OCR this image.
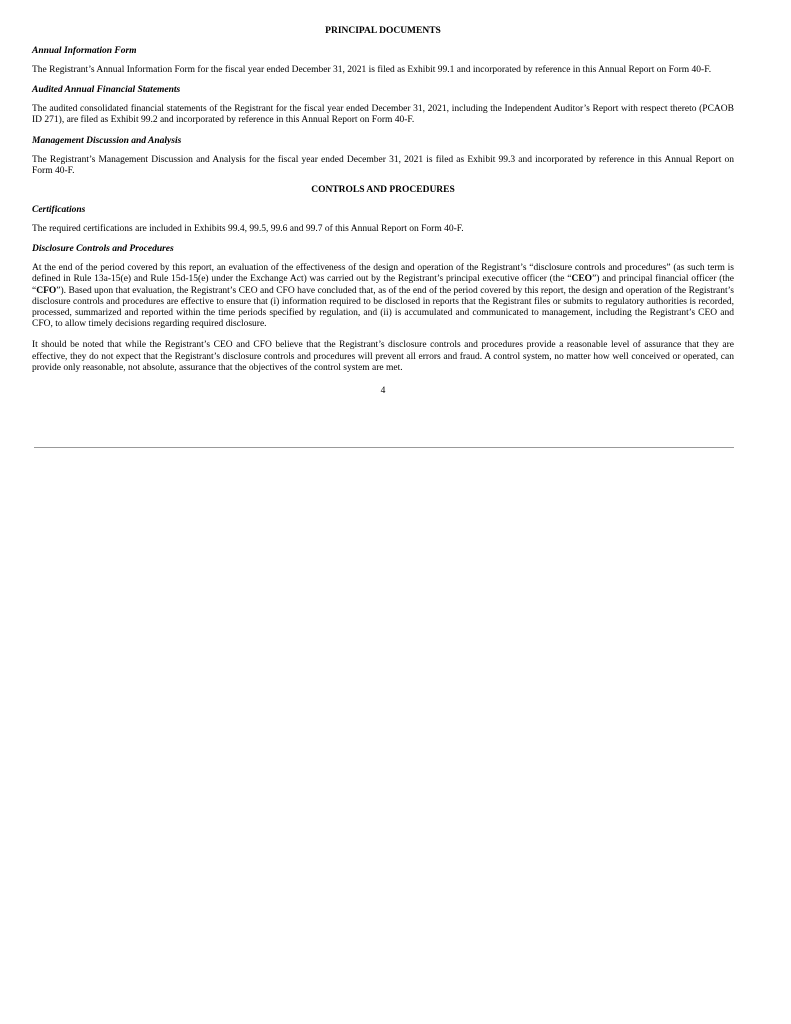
PRINCIPAL DOCUMENTS

Annual Information Form

The Registrant’s Annual Information Form for the fiscal year ended December 31, 2021 is filed as Exhibit 99.1 and incorporated by reference in this Annual Report on Form 40-F.

Audited Annual Financial Statements

The audited consolidated financial statements of the Registrant for the fiscal year ended December 31, 2021, including the Independent Auditor’s Report with respect thereto (PCAOB ID 271), are filed as Exhibit 99.2 and incorporated by reference in this Annual Report on Form 40-F.

Management Discussion and Analysis

The Registrant’s Management Discussion and Analysis for the fiscal year ended December 31, 2021 is filed as Exhibit 99.3 and incorporated by reference in this Annual Report on Form 40-F.

CONTROLS AND PROCEDURES

Certifications

The required certifications are included in Exhibits 99.4, 99.5, 99.6 and 99.7 of this Annual Report on Form 40-F.

Disclosure Controls and Procedures

At the end of the period covered by this report, an evaluation of the effectiveness of the design and operation of the Registrant’s “disclosure controls and procedures” (as such term is defined in Rule 13a-15(e) and Rule 15d-15(e) under the Exchange Act) was carried out by the Registrant’s principal executive officer (the “CEO”) and principal financial officer (the “CFO”). Based upon that evaluation, the Registrant’s CEO and CFO have concluded that, as of the end of the period covered by this report, the design and operation of the Registrant’s disclosure controls and procedures are effective to ensure that (i) information required to be disclosed in reports that the Registrant files or submits to regulatory authorities is recorded, processed, summarized and reported within the time periods specified by regulation, and (ii) is accumulated and communicated to management, including the Registrant’s CEO and CFO, to allow timely decisions regarding required disclosure.

It should be noted that while the Registrant’s CEO and CFO believe that the Registrant’s disclosure controls and procedures provide a reasonable level of assurance that they are effective, they do not expect that the Registrant’s disclosure controls and procedures will prevent all errors and fraud. A control system, no matter how well conceived or operated, can provide only reasonable, not absolute, assurance that the objectives of the control system are met.

4
